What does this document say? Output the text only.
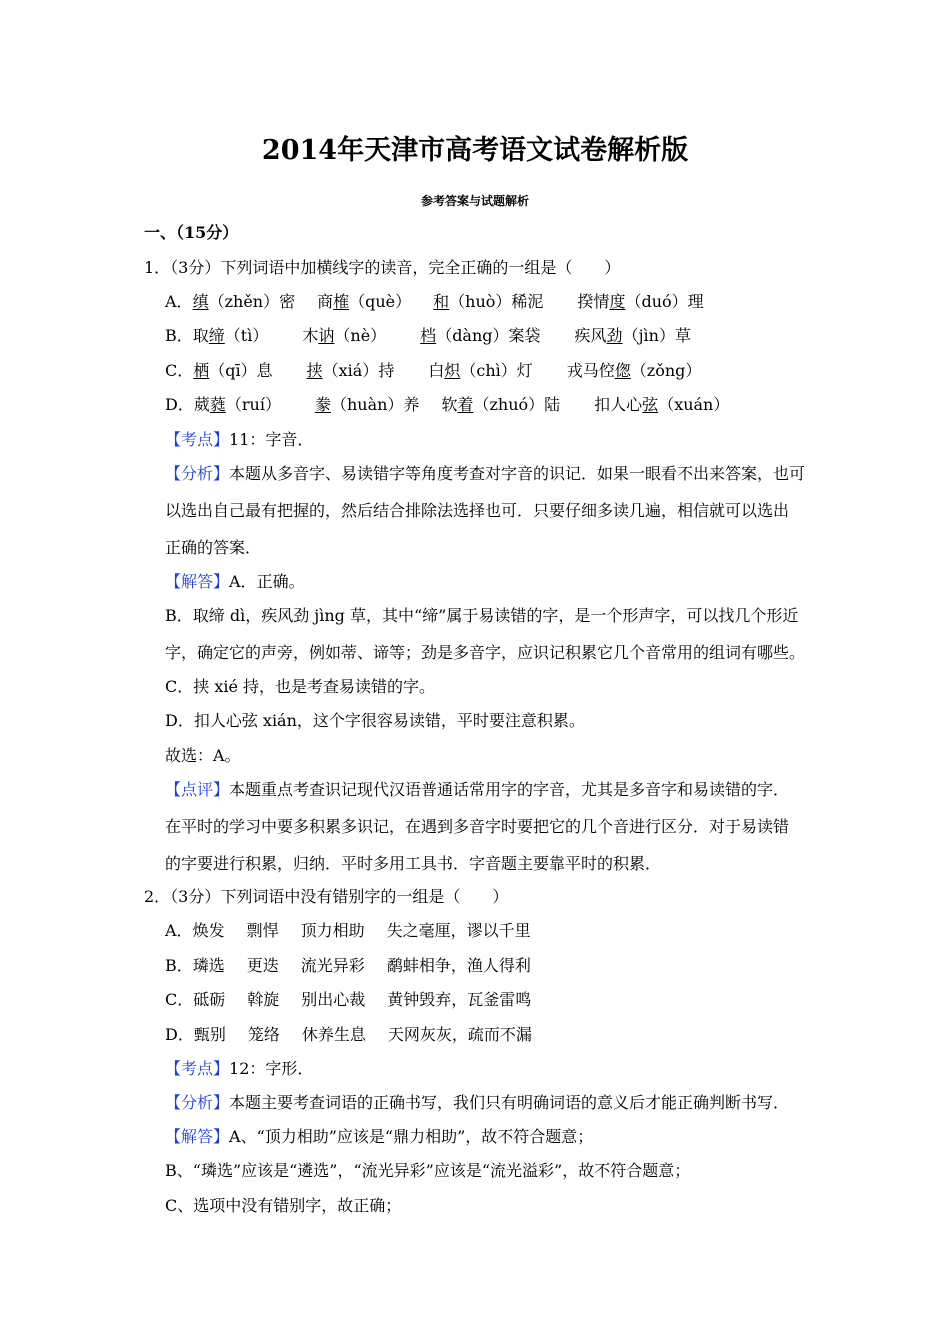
2014年天津市高考语文试卷解析版
参考答案与试题解析
一、（15分）
1．（3分）下列词语中加横线字的读音，完全正确的一组是（　　）
A．缜（zhěn）密 商榷（què） 和（huò）稀泥 揆情度（duó）理
B．取缔（tì） 木讷（nè） 档（dàng）案袋 疾风劲（jìn）草
C．栖（qī）息 挟（xiá）持 白炽（chì）灯 戎马倥偬（zǒng）
D．葳蕤（ruí） 豢（huàn）养 软着（zhuó）陆 扣人心弦（xuán）
【考点】11：字音．
【分析】本题从多音字、易读错字等角度考查对字音的识记．如果一眼看不出来答案，也可
以选出自己最有把握的，然后结合排除法选择也可．只要仔细多读几遍，相信就可以选出
正确的答案．
【解答】A．正确。
B．取缔 dì，疾风劲 jìng 草，其中“缔”属于易读错的字，是一个形声字，可以找几个形近
字，确定它的声旁，例如蒂、谛等；劲是多音字，应识记积累它几个音常用的组词有哪些。
C．挟 xié 持，也是考查易读错的字。
D．扣人心弦 xián，这个字很容易读错，平时要注意积累。
故选：A。
【点评】本题重点考查识记现代汉语普通话常用字的字音，尤其是多音字和易读错的字．
在平时的学习中要多积累多识记，在遇到多音字时要把它的几个音进行区分．对于易读错
的字要进行积累，归纳．平时多用工具书．字音题主要靠平时的积累．
2．（3分）下列词语中没有错别字的一组是（　　）
A．焕发 剽悍 顶力相助 失之毫厘，谬以千里
B．璘选 更迭 流光异彩 鹬蚌相争，渔人得利
C．砥砺 斡旋 别出心裁 黄钟毁弃，瓦釜雷鸣
D．甄别 笼络 休养生息 天网灰灰，疏而不漏
【考点】12：字形．
【分析】本题主要考查词语的正确书写，我们只有明确词语的意义后才能正确判断书写．
【解答】A、“顶力相助”应该是“鼎力相助”，故不符合题意；
B、“璘选”应该是“遴选”，“流光异彩”应该是“流光溢彩”，故不符合题意；
C、选项中没有错别字，故正确；
